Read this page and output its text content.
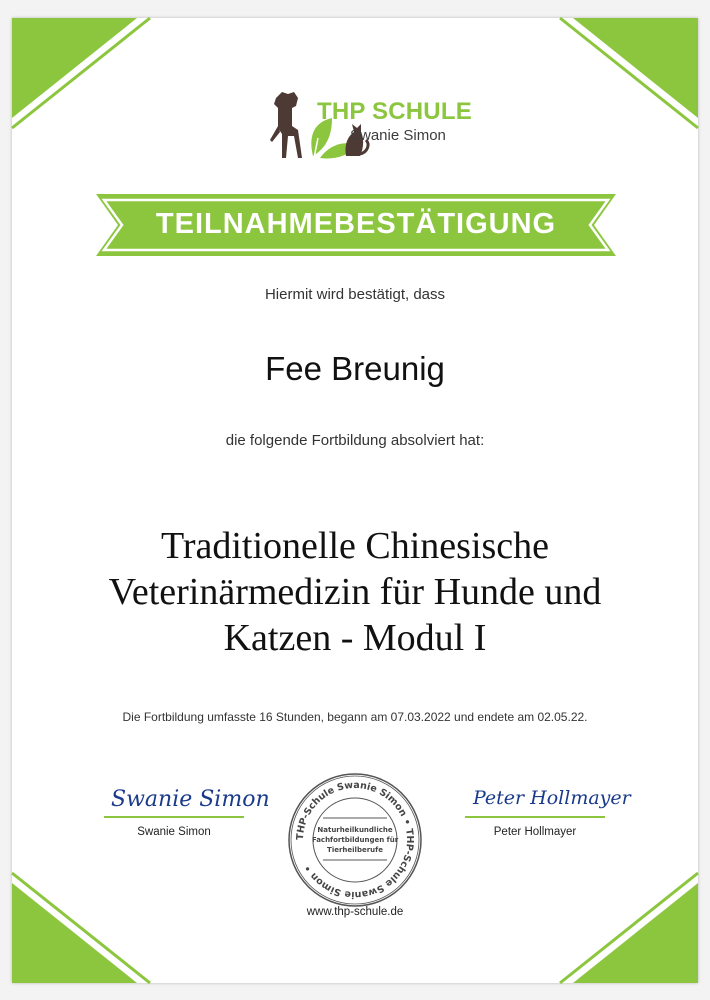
THP SCHULE
Swanie Simon
TEILNAHMEBESTÄTIGUNG
Hiermit wird bestätigt, dass
Fee Breunig
die folgende Fortbildung absolviert hat:
Traditionelle Chinesische
Veterinärmedizin für Hunde und
Katzen - Modul I
Die Fortbildung umfasste 16 Stunden, begann am 07.03.2022 und endete am 02.05.22.
Swanie Simon
Swanie Simon
Peter Hollmayer
Peter Hollmayer
THP-Schule Swanie Simon • THP-Schule Swanie Simon •
Naturheilkundliche
Fachfortbildungen für
Tierheilberufe
www.thp-schule.de
